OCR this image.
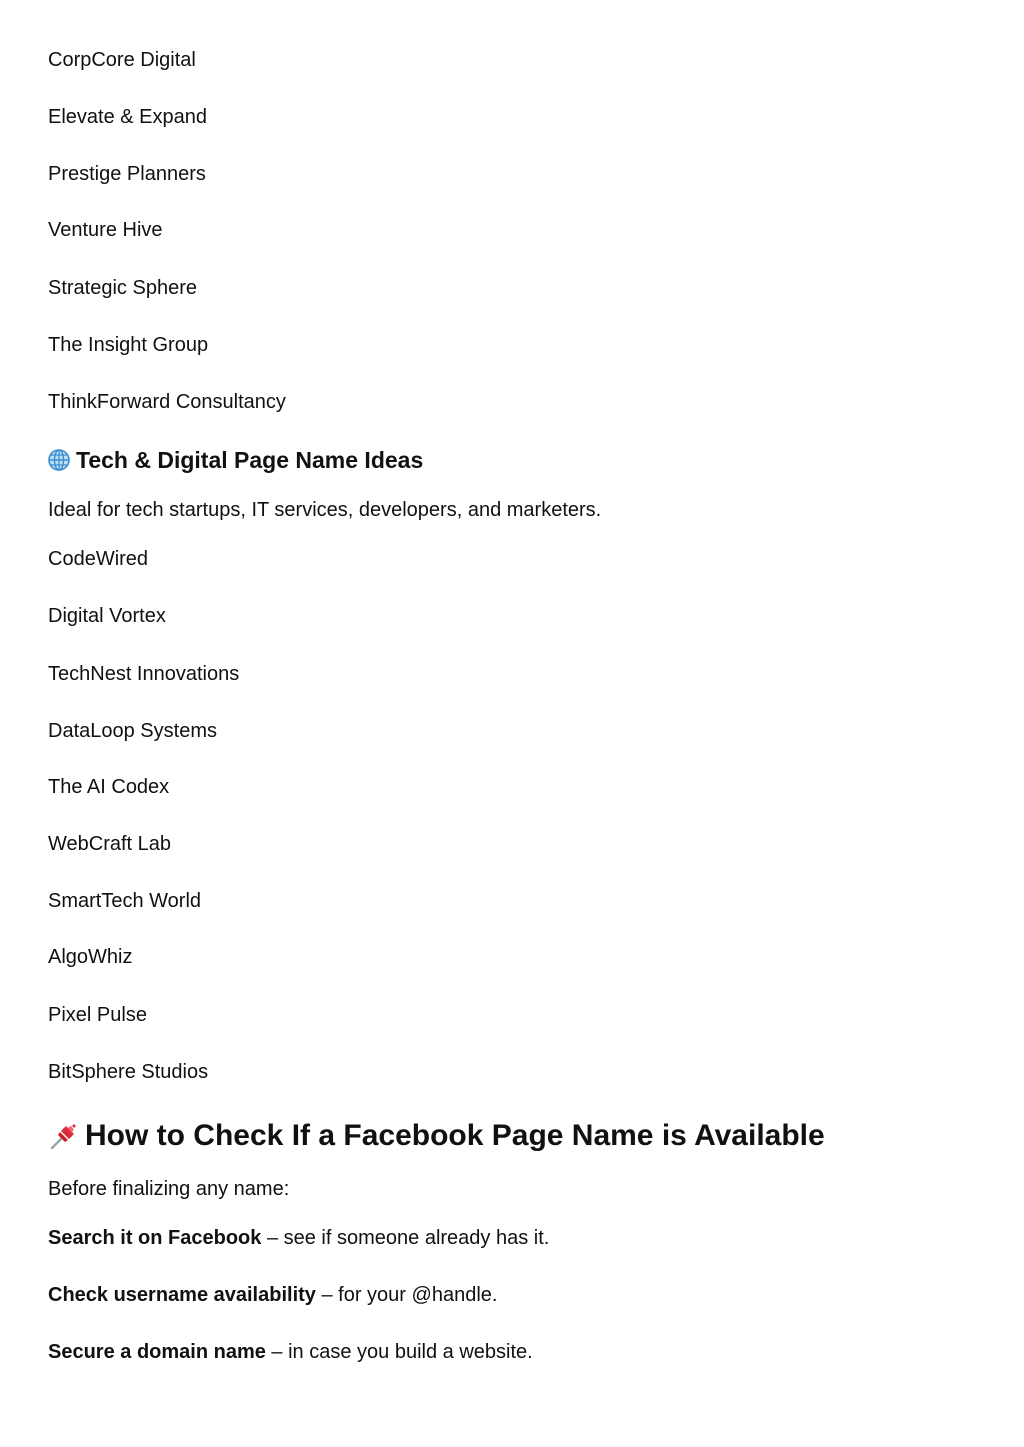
CorpCore Digital
Elevate & Expand
Prestige Planners
Venture Hive
Strategic Sphere
The Insight Group
ThinkForward Consultancy
Tech & Digital Page Name Ideas
Ideal for tech startups, IT services, developers, and marketers.
CodeWired
Digital Vortex
TechNest Innovations
DataLoop Systems
The AI Codex
WebCraft Lab
SmartTech World
AlgoWhiz
Pixel Pulse
BitSphere Studios
How to Check If a Facebook Page Name is Available
Before finalizing any name:
Search it on Facebook – see if someone already has it.
Check username availability – for your @handle.
Secure a domain name – in case you build a website.
